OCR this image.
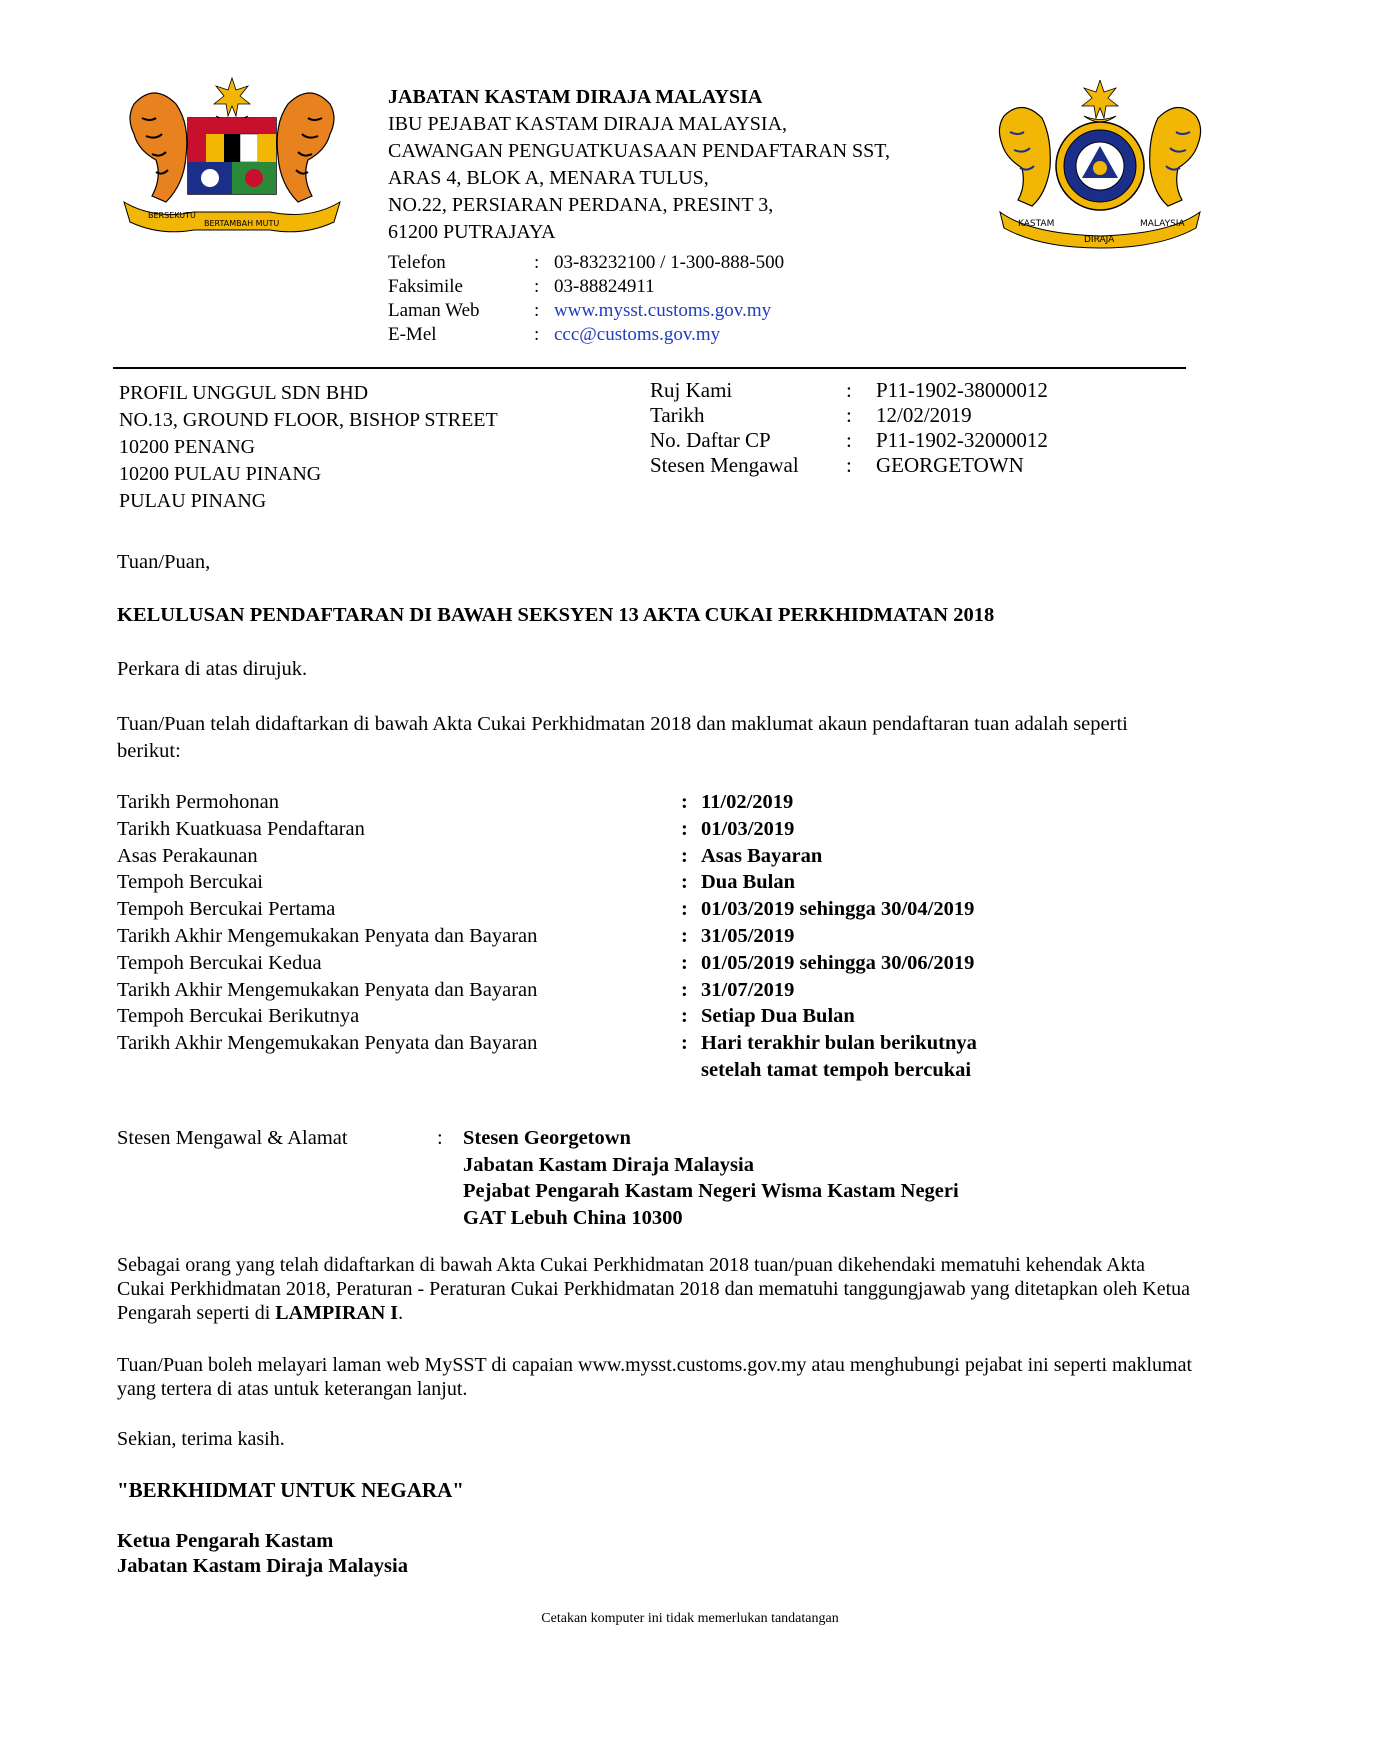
BERSEKUTU
BERTAMBAH MUTU
JABATAN KASTAM DIRAJA MALAYSIA
IBU PEJABAT KASTAM DIRAJA MALAYSIA,
CAWANGAN PENGUATKUASAAN PENDAFTARAN SST,
ARAS 4, BLOK A, MENARA TULUS,
NO.22, PERSIARAN PERDANA, PRESINT 3,
61200 PUTRAJAYA
Telefon	: 03-83232100 / 1-300-888-500
Faksimile	: 03-88824911
Laman Web	: www.mysst.customs.gov.my
E-Mel	: ccc@customs.gov.my
KASTAM
DIRAJA
MALAYSIA
PROFIL UNGGUL SDN BHD
NO.13, GROUND FLOOR, BISHOP STREET
10200 PENANG
10200 PULAU PINANG
PULAU PINANG
Ruj Kami	:	P11-1902-38000012
Tarikh	:	12/02/2019
No. Daftar CP	:	P11-1902-32000012
Stesen Mengawal	:	GEORGETOWN
Tuan/Puan,
KELULUSAN PENDAFTARAN DI BAWAH SEKSYEN 13 AKTA CUKAI PERKHIDMATAN 2018
Perkara di atas dirujuk.
Tuan/Puan telah didaftarkan di bawah Akta Cukai Perkhidmatan 2018 dan maklumat akaun pendaftaran tuan adalah seperti berikut:
Tarikh Permohonan	: 11/02/2019
Tarikh Kuatkuasa Pendaftaran	: 01/03/2019
Asas Perakaunan	: Asas Bayaran
Tempoh Bercukai	: Dua Bulan
Tempoh Bercukai Pertama	: 01/03/2019 sehingga 30/04/2019
Tarikh Akhir Mengemukakan Penyata dan Bayaran	: 31/05/2019
Tempoh Bercukai Kedua	: 01/05/2019 sehingga 30/06/2019
Tarikh Akhir Mengemukakan Penyata dan Bayaran	: 31/07/2019
Tempoh Bercukai Berikutnya	: Setiap Dua Bulan
Tarikh Akhir Mengemukakan Penyata dan Bayaran	: Hari terakhir bulan berikutnya
setelah tamat tempoh bercukai
Stesen Mengawal & Alamat	: Stesen Georgetown
Jabatan Kastam Diraja Malaysia
Pejabat Pengarah Kastam Negeri Wisma Kastam Negeri
GAT Lebuh China 10300
Sebagai orang yang telah didaftarkan di bawah Akta Cukai Perkhidmatan 2018 tuan/puan dikehendaki mematuhi kehendak Akta Cukai Perkhidmatan 2018, Peraturan - Peraturan Cukai Perkhidmatan 2018 dan mematuhi tanggungjawab yang ditetapkan oleh Ketua Pengarah seperti di LAMPIRAN I.
Tuan/Puan boleh melayari laman web MySST di capaian www.mysst.customs.gov.my atau menghubungi pejabat ini seperti maklumat yang tertera di atas untuk keterangan lanjut.
Sekian, terima kasih.
"BERKHIDMAT UNTUK NEGARA"
Ketua Pengarah Kastam
Jabatan Kastam Diraja Malaysia
Cetakan komputer ini tidak memerlukan tandatangan
